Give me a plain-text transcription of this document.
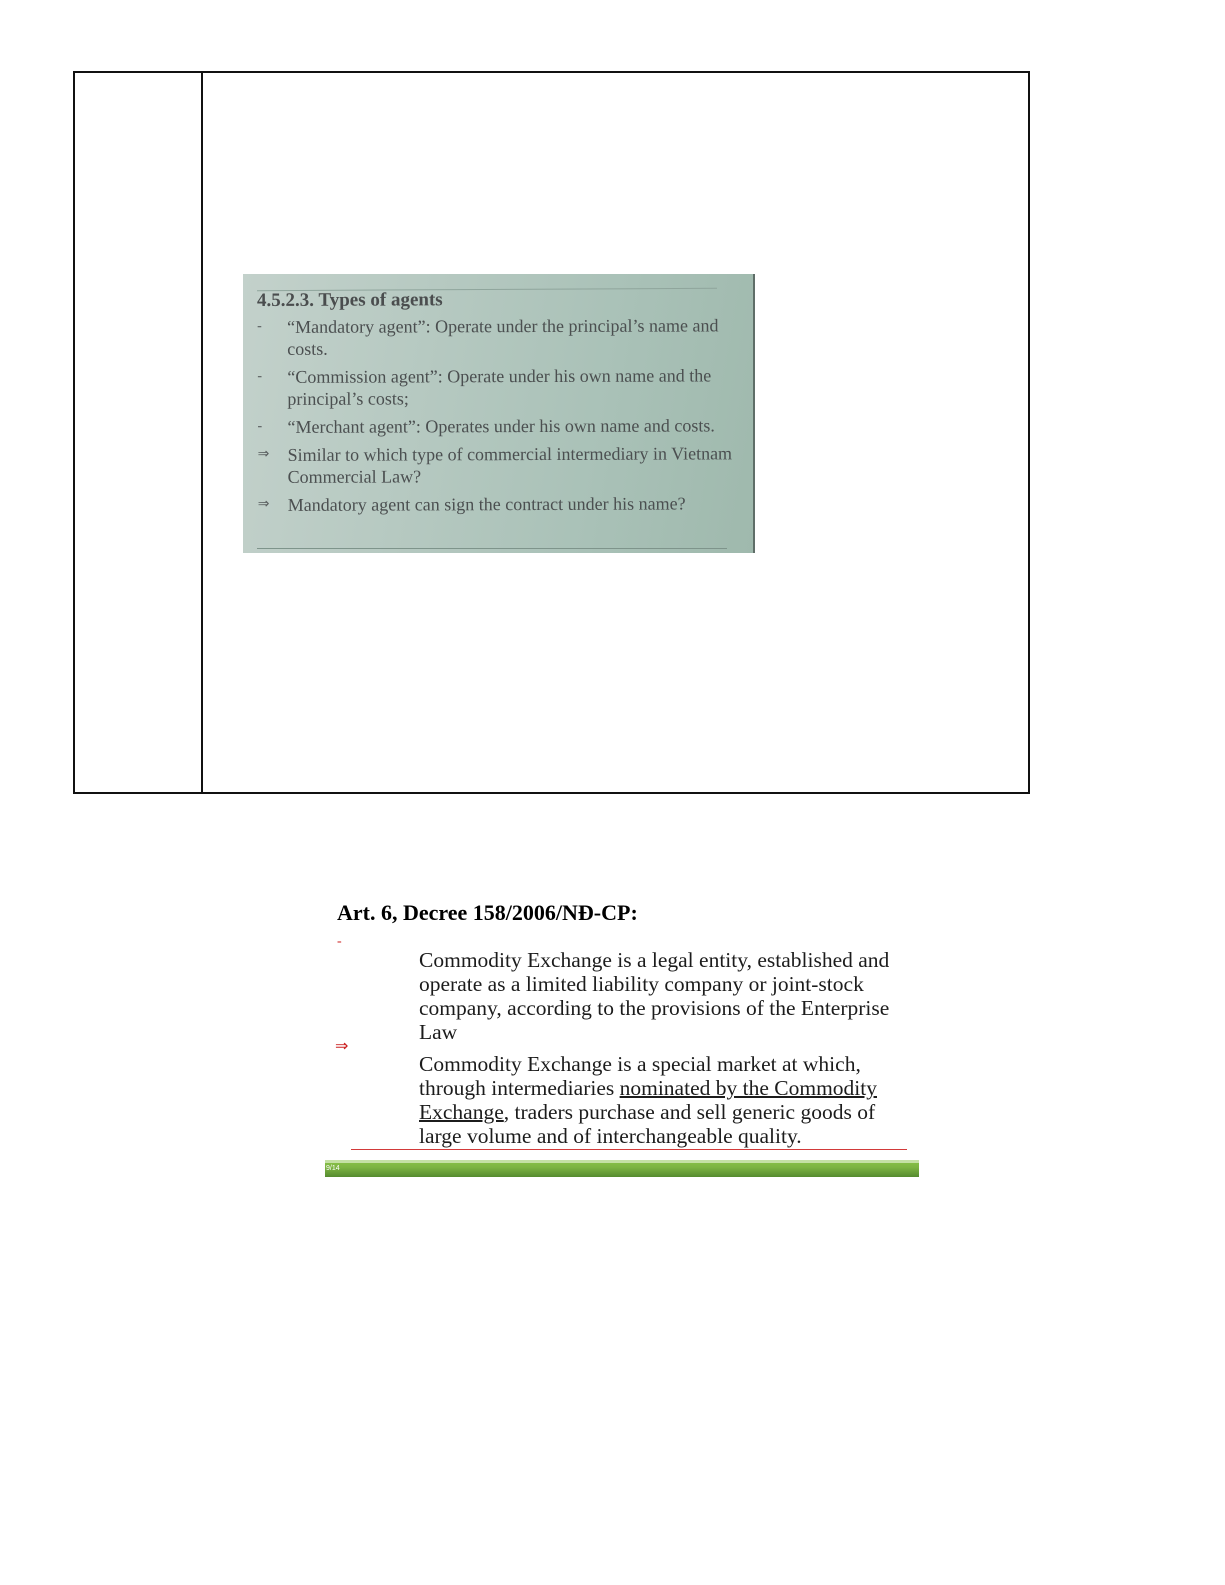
4.5.2.3. Types of agents
-	“Mandatory agent”: Operate under the principal’s name and costs.
-	“Commission agent”: Operate under his own name and the principal’s costs;
-	“Merchant agent”: Operates under his own name and costs.
⇒	Similar to which type of commercial intermediary in Vietnam Commercial Law?
⇒	Mandatory agent can sign the contract under his name?
Art. 6, Decree 158/2006/NĐ-CP:
-
⇒
Commodity Exchange is a legal entity, established and operate as a limited liability company or joint-stock company, according to the provisions of the Enterprise Law
Commodity Exchange is a special market at which, through intermediaries nominated by the Commodity Exchange, traders purchase and sell generic goods of large volume and of interchangeable quality.
9/14
